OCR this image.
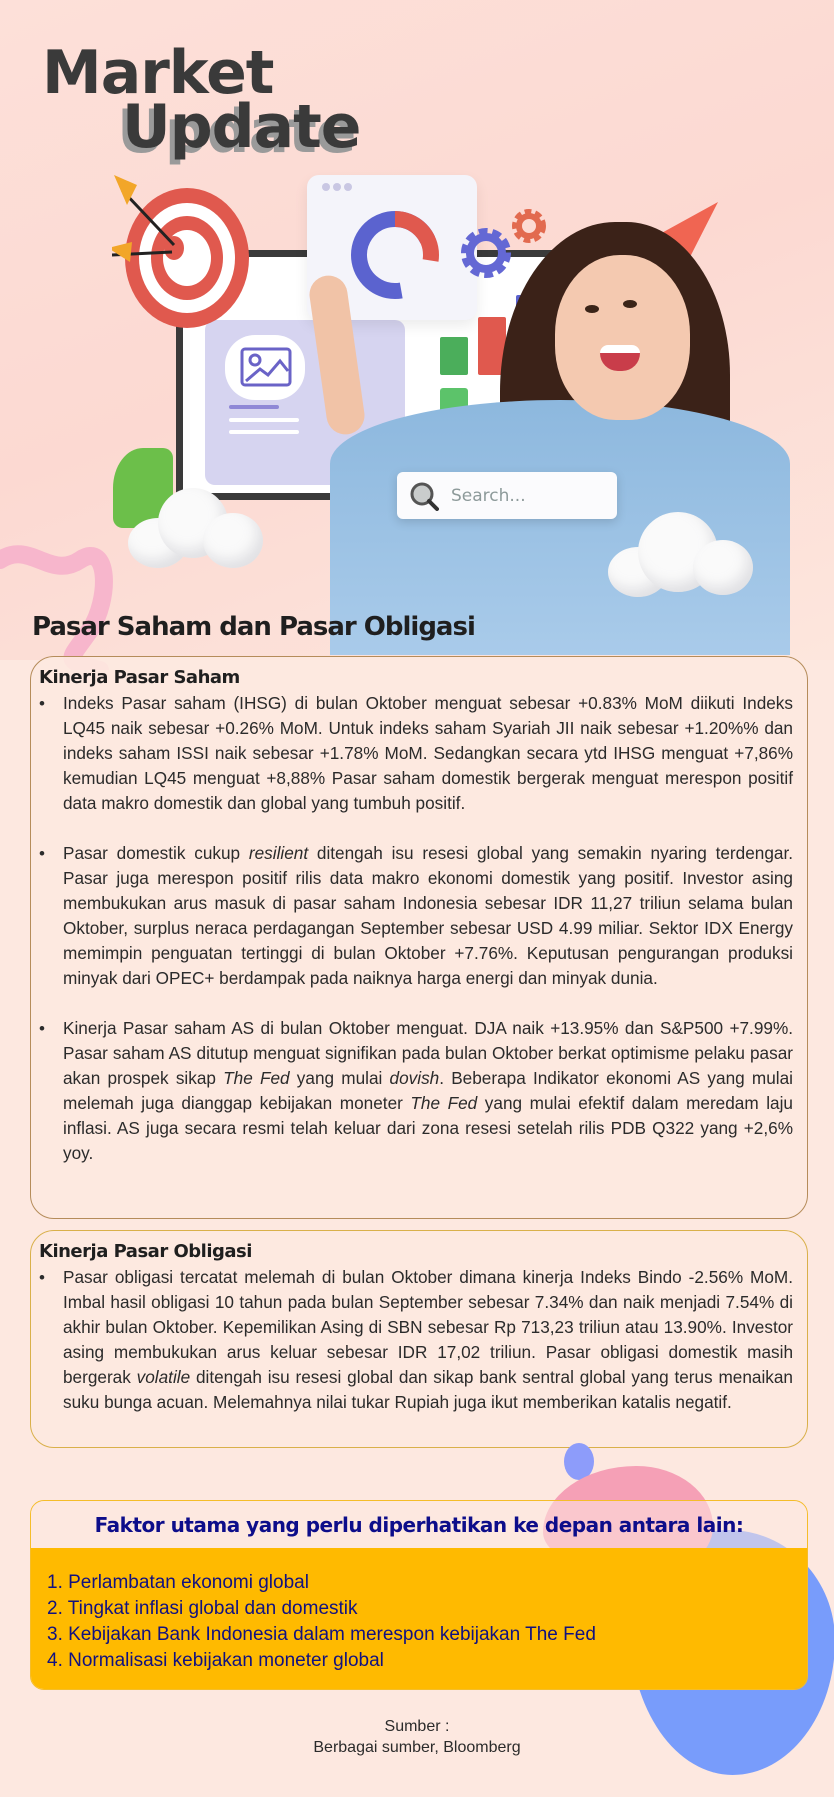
Search...
Market
Update
Pasar Saham dan Pasar Obligasi
Kinerja Pasar Saham

• Indeks Pasar saham (IHSG) di bulan Oktober menguat sebesar +0.83% MoM diikuti Indeks LQ45 naik sebesar +0.26% MoM. Untuk indeks saham Syariah JII naik sebesar +1.20%% dan indeks saham ISSI naik sebesar +1.78% MoM. Sedangkan secara ytd IHSG menguat +7,86% kemudian LQ45 menguat +8,88% Pasar saham domestik bergerak menguat merespon positif data makro domestik dan global yang tumbuh positif.

• Pasar domestik cukup resilient ditengah isu resesi global yang semakin nyaring terdengar. Pasar juga merespon positif rilis data makro ekonomi domestik yang positif. Investor asing membukukan arus masuk di pasar saham Indonesia sebesar IDR 11,27 triliun selama bulan Oktober, surplus neraca perdagangan September sebesar USD 4.99 miliar. Sektor IDX Energy memimpin penguatan tertinggi di bulan Oktober +7.76%. Keputusan pengurangan produksi minyak dari OPEC+ berdampak pada naiknya harga energi dan minyak dunia.

• Kinerja Pasar saham AS di bulan Oktober menguat. DJA naik +13.95% dan S&P500 +7.99%. Pasar saham AS ditutup menguat signifikan pada bulan Oktober berkat optimisme pelaku pasar akan prospek sikap The Fed yang mulai dovish. Beberapa Indikator ekonomi AS yang mulai melemah juga dianggap kebijakan moneter The Fed yang mulai efektif dalam meredam laju inflasi. AS juga secara resmi telah keluar dari zona resesi setelah rilis PDB Q322 yang +2,6% yoy.

Kinerja Pasar Obligasi

• Pasar obligasi tercatat melemah di bulan Oktober dimana kinerja Indeks Bindo -2.56% MoM. Imbal hasil obligasi 10 tahun pada bulan September sebesar 7.34% dan naik menjadi 7.54% di akhir bulan Oktober. Kepemilikan Asing di SBN sebesar Rp 713,23 triliun atau 13.90%. Investor asing membukukan arus keluar sebesar IDR 17,02 triliun. Pasar obligasi domestik masih bergerak volatile ditengah isu resesi global dan sikap bank sentral global yang terus menaikan suku bunga acuan. Melemahnya nilai tukar Rupiah juga ikut memberikan katalis negatif.

Faktor utama yang perlu diperhatikan ke depan antara lain:
1. Perlambatan ekonomi global
2. Tingkat inflasi global dan domestik
3. Kebijakan Bank Indonesia dalam merespon kebijakan The Fed
4. Normalisasi kebijakan moneter global
Sumber :
Berbagai sumber, Bloomberg
